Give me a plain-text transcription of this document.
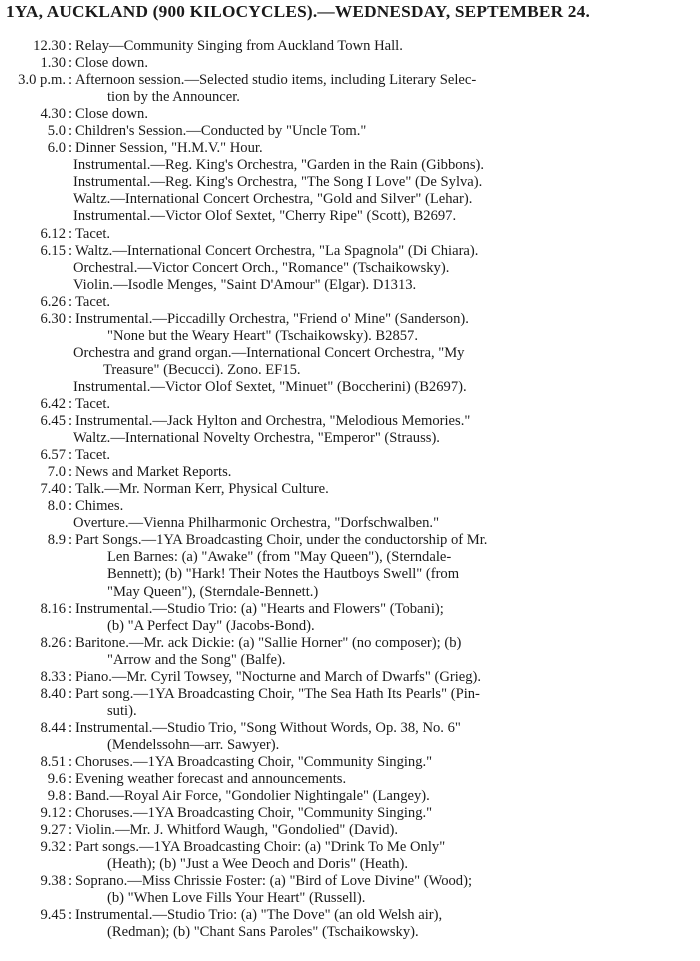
1YA, AUCKLAND (900 KILOCYCLES).—WEDNESDAY, SEPTEMBER 24.
12.30 : Relay—Community Singing from Auckland Town Hall.
1.30 : Close down.
3.0 p.m. : Afternoon session.—Selected studio items, including Literary Selec-
tion by the Announcer.
4.30 : Close down.
5.0 : Children's Session.—Conducted by "Uncle Tom."
6.0 : Dinner Session, "H.M.V." Hour.
Instrumental.—Reg. King's Orchestra, "Garden in the Rain (Gibbons).
Instrumental.—Reg. King's Orchestra, "The Song I Love" (De Sylva).
Waltz.—International Concert Orchestra, "Gold and Silver" (Lehar).
Instrumental.—Victor Olof Sextet, "Cherry Ripe" (Scott), B2697.
6.12 : Tacet.
6.15 : Waltz.—International Concert Orchestra, "La Spagnola" (Di Chiara).
Orchestral.—Victor Concert Orch., "Romance" (Tschaikowsky).
Violin.—Isodle Menges, "Saint D'Amour" (Elgar). D1313.
6.26 : Tacet.
6.30 : Instrumental.—Piccadilly Orchestra, "Friend o' Mine" (Sanderson).
"None but the Weary Heart" (Tschaikowsky). B2857.
Orchestra and grand organ.—International Concert Orchestra, "My
Treasure" (Becucci). Zono. EF15.
Instrumental.—Victor Olof Sextet, "Minuet" (Boccherini) (B2697).
6.42 : Tacet.
6.45 : Instrumental.—Jack Hylton and Orchestra, "Melodious Memories."
Waltz.—International Novelty Orchestra, "Emperor" (Strauss).
6.57 : Tacet.
7.0 : News and Market Reports.
7.40 : Talk.—Mr. Norman Kerr, Physical Culture.
8.0 : Chimes.
Overture.—Vienna Philharmonic Orchestra, "Dorfschwalben."
8.9 : Part Songs.—1YA Broadcasting Choir, under the conductorship of Mr.
Len Barnes: (a) "Awake" (from "May Queen"), (Sterndale-
Bennett); (b) "Hark! Their Notes the Hautboys Swell" (from
"May Queen"), (Sterndale-Bennett.)
8.16 : Instrumental.—Studio Trio: (a) "Hearts and Flowers" (Tobani);
(b) "A Perfect Day" (Jacobs-Bond).
8.26 : Baritone.—Mr. ack Dickie: (a) "Sallie Horner" (no composer); (b)
"Arrow and the Song" (Balfe).
8.33 : Piano.—Mr. Cyril Towsey, "Nocturne and March of Dwarfs" (Grieg).
8.40 : Part song.—1YA Broadcasting Choir, "The Sea Hath Its Pearls" (Pin-
suti).
8.44 : Instrumental.—Studio Trio, "Song Without Words, Op. 38, No. 6"
(Mendelssohn—arr. Sawyer).
8.51 : Choruses.—1YA Broadcasting Choir, "Community Singing."
9.6 : Evening weather forecast and announcements.
9.8 : Band.—Royal Air Force, "Gondolier Nightingale" (Langey).
9.12 : Choruses.—1YA Broadcasting Choir, "Community Singing."
9.27 : Violin.—Mr. J. Whitford Waugh, "Gondolied" (David).
9.32 : Part songs.—1YA Broadcasting Choir: (a) "Drink To Me Only"
(Heath); (b) "Just a Wee Deoch and Doris" (Heath).
9.38 : Soprano.—Miss Chrissie Foster: (a) "Bird of Love Divine" (Wood);
(b) "When Love Fills Your Heart" (Russell).
9.45 : Instrumental.—Studio Trio: (a) "The Dove" (an old Welsh air),
(Redman); (b) "Chant Sans Paroles" (Tschaikowsky).
